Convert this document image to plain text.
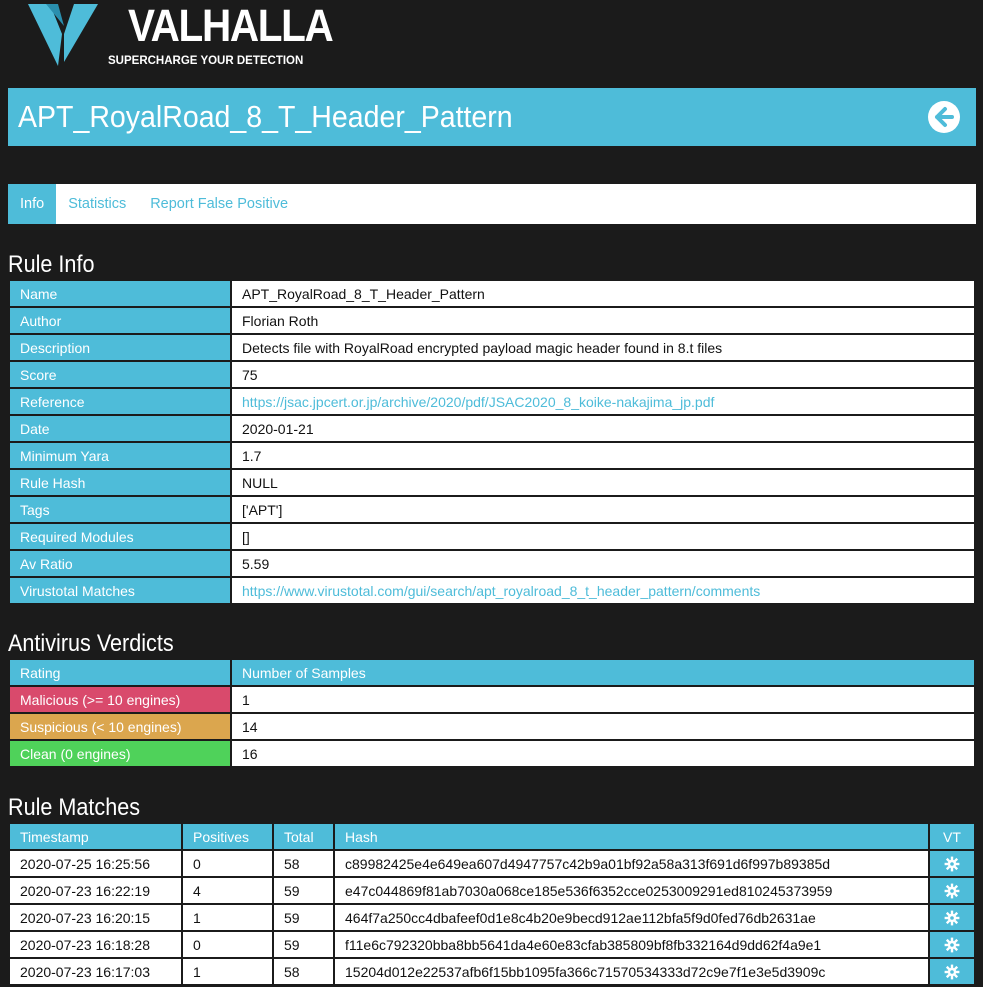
VALHALLA
SUPERCHARGE YOUR DETECTION
APT_RoyalRoad_8_T_Header_Pattern
Info	Statistics	Report False Positive
Rule Info
Name	APT_RoyalRoad_8_T_Header_Pattern
Author	Florian Roth
Description	Detects file with RoyalRoad encrypted payload magic header found in 8.t files
Score	75
Reference	https://jsac.jpcert.or.jp/archive/2020/pdf/JSAC2020_8_koike-nakajima_jp.pdf
Date	2020-01-21
Minimum Yara	1.7
Rule Hash	NULL
Tags	['APT']
Required Modules	[]
Av Ratio	5.59
Virustotal Matches	https://www.virustotal.com/gui/search/apt_royalroad_8_t_header_pattern/comments
Antivirus Verdicts
Rating	Number of Samples
Malicious (>= 10 engines)	1
Suspicious (< 10 engines)	14
Clean (0 engines)	16
Rule Matches
Timestamp	Positives	Total	Hash	VT
2020-07-25 16:25:56	0	58	c89982425e4e649ea607d4947757c42b9a01bf92a58a313f691d6f997b89385d	
2020-07-23 16:22:19	4	59	e47c044869f81ab7030a068ce185e536f6352cce0253009291ed810245373959	
2020-07-23 16:20:15	1	59	464f7a250cc4dbafeef0d1e8c4b20e9becd912ae112bfa5f9d0fed76db2631ae	
2020-07-23 16:18:28	0	59	f11e6c792320bba8bb5641da4e60e83cfab385809bf8fb332164d9dd62f4a9e1	
2020-07-23 16:17:03	1	58	15204d012e22537afb6f15bb1095fa366c71570534333d72c9e7f1e3e5d3909c	
